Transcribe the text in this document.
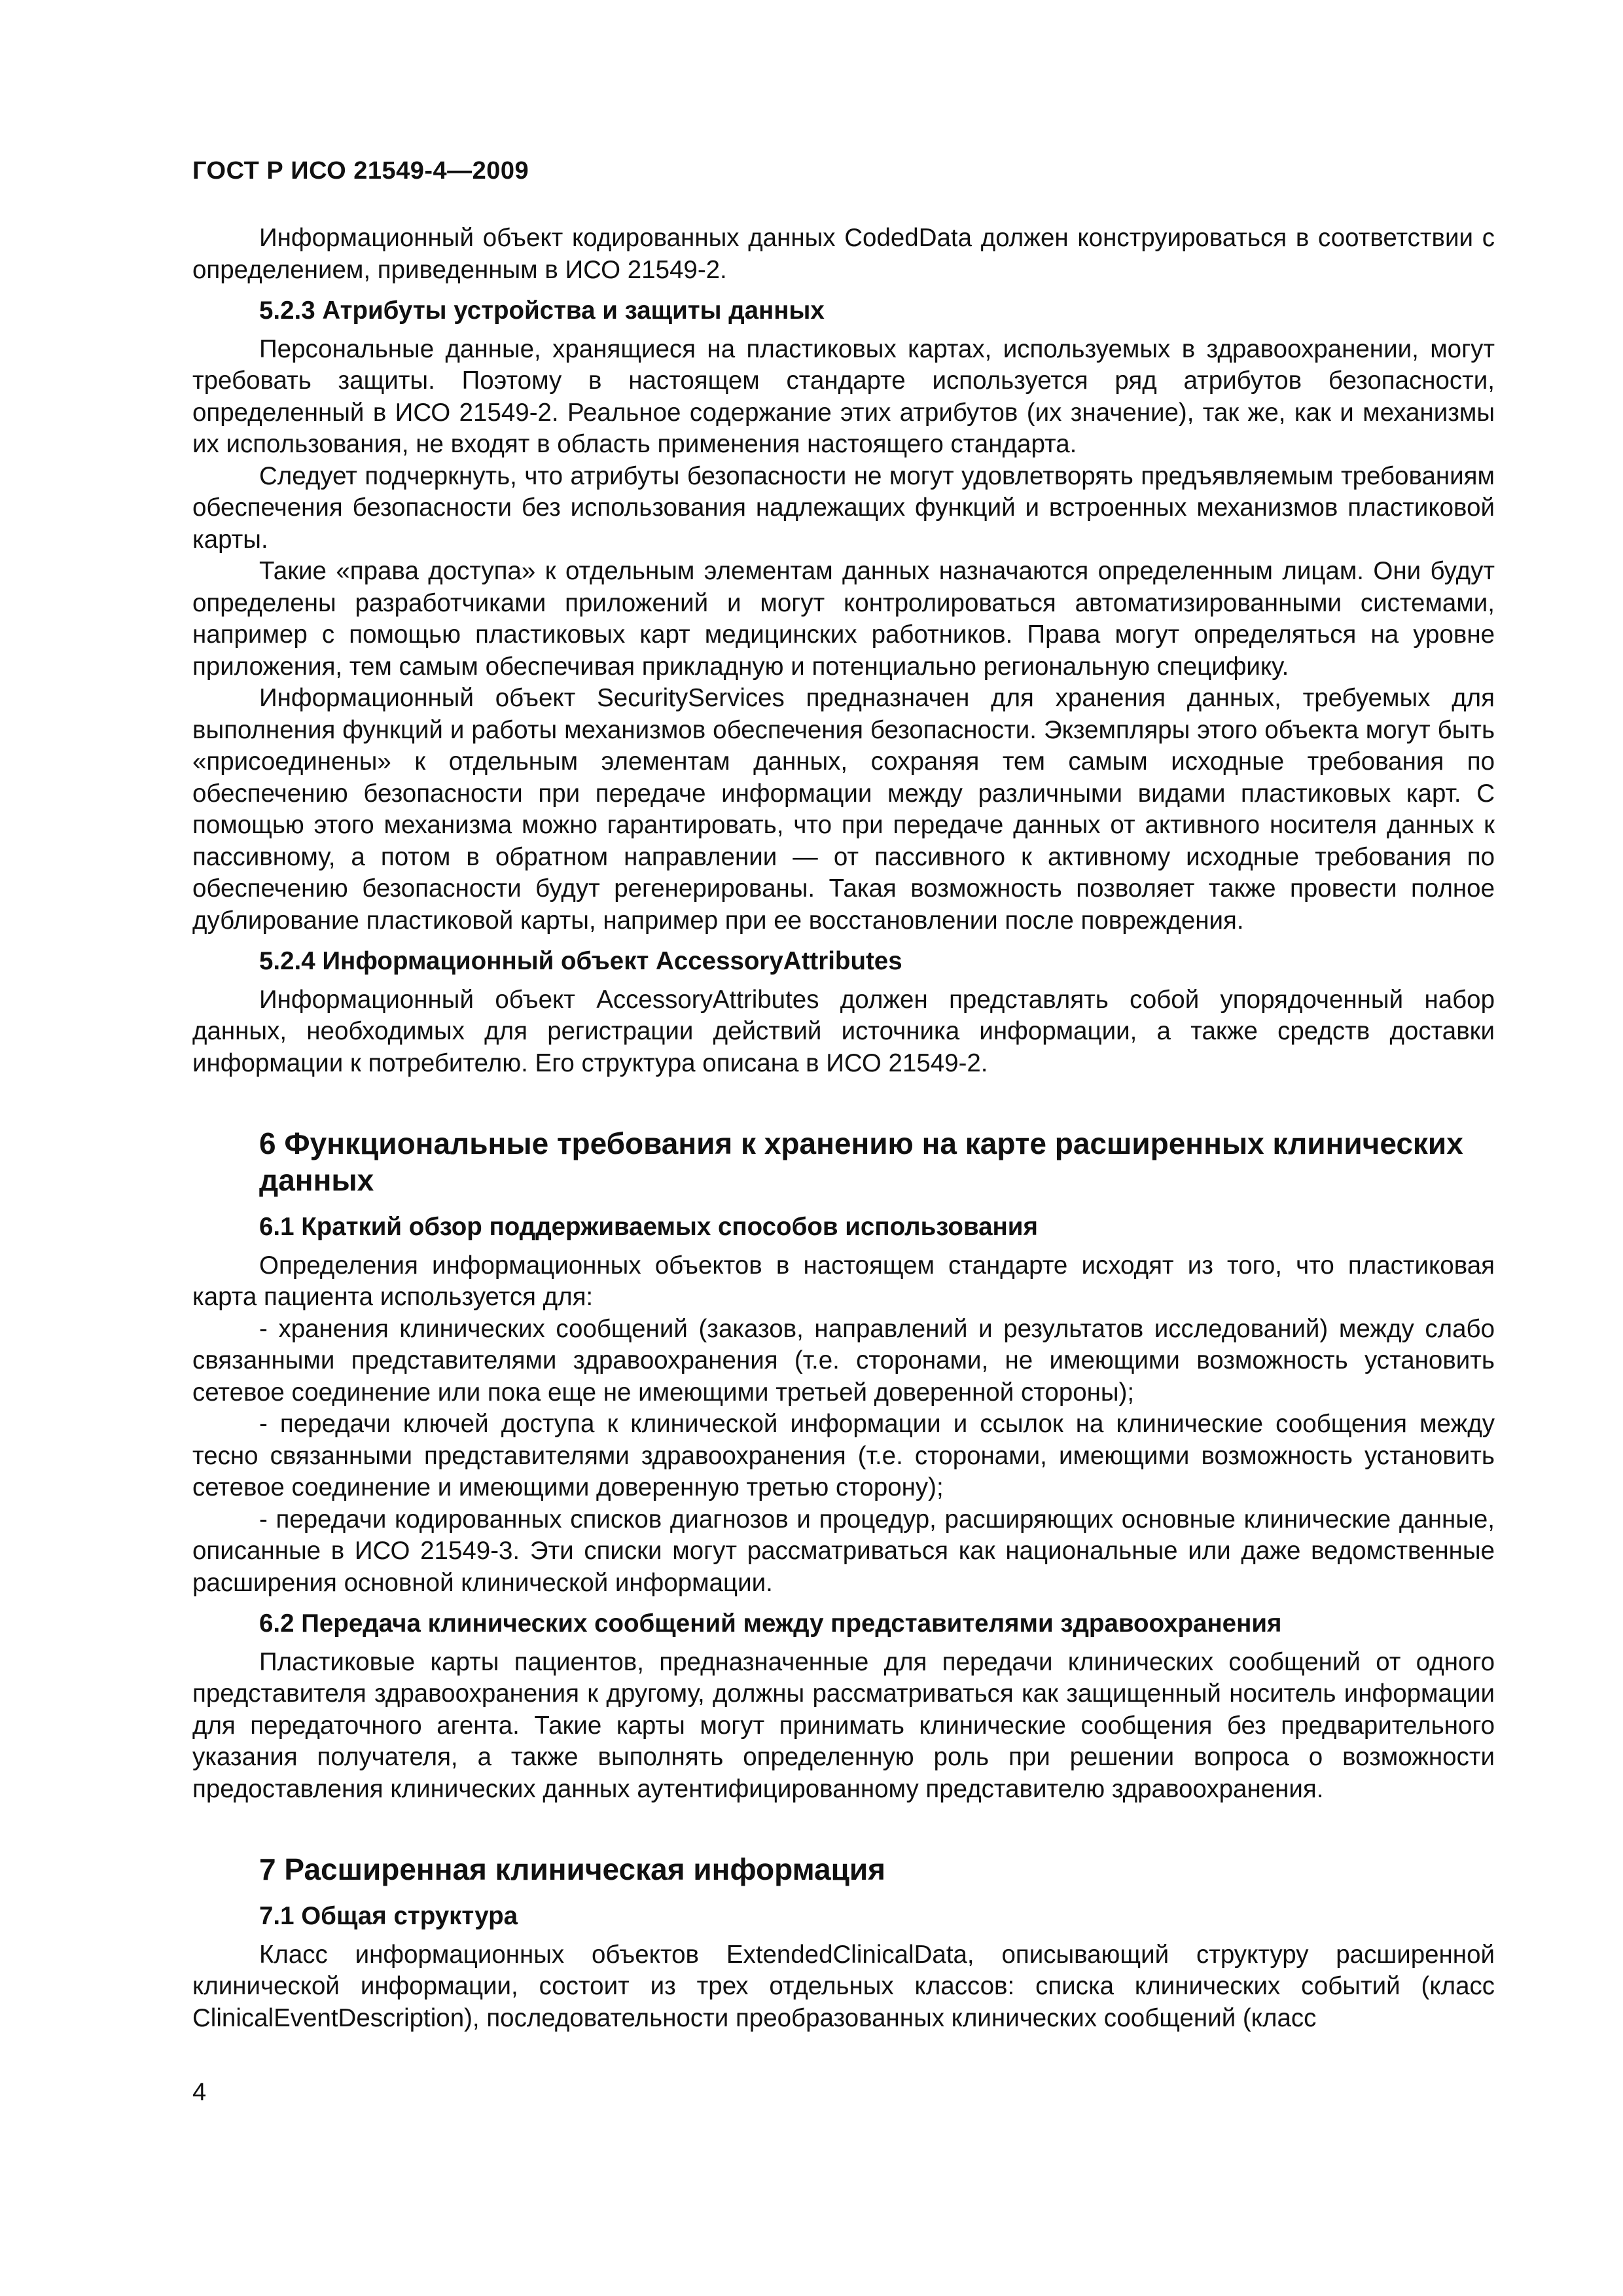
ГОСТ Р ИСО 21549-4—2009

Информационный объект кодированных данных CodedData должен конструироваться в соответствии с определением, приведенным в ИСО 21549-2.

5.2.3 Атрибуты устройства и защиты данных

Персональные данные, хранящиеся на пластиковых картах, используемых в здравоохранении, могут требовать защиты. Поэтому в настоящем стандарте используется ряд атрибутов безопасности, определенный в ИСО 21549-2. Реальное содержание этих атрибутов (их значение), так же, как и механизмы их использования, не входят в область применения настоящего стандарта.

Следует подчеркнуть, что атрибуты безопасности не могут удовлетворять предъявляемым требованиям обеспечения безопасности без использования надлежащих функций и встроенных механизмов пластиковой карты.

Такие «права доступа» к отдельным элементам данных назначаются определенным лицам. Они будут определены разработчиками приложений и могут контролироваться автоматизированными системами, например с помощью пластиковых карт медицинских работников. Права могут определяться на уровне приложения, тем самым обеспечивая прикладную и потенциально региональную специфику.

Информационный объект SecurityServices предназначен для хранения данных, требуемых для выполнения функций и работы механизмов обеспечения безопасности. Экземпляры этого объекта могут быть «присоединены» к отдельным элементам данных, сохраняя тем самым исходные требования по обеспечению безопасности при передаче информации между различными видами пластиковых карт. С помощью этого механизма можно гарантировать, что при передаче данных от активного носителя данных к пассивному, а потом в обратном направлении — от пассивного к активному исходные требования по обеспечению безопасности будут регенерированы. Такая возможность позволяет также провести полное дублирование пластиковой карты, например при ее восстановлении после повреждения.

5.2.4 Информационный объект AccessoryAttributes

Информационный объект AccessoryAttributes должен представлять собой упорядоченный набор данных, необходимых для регистрации действий источника информации, а также средств доставки информации к потребителю. Его структура описана в ИСО 21549-2.

6 Функциональные требования к хранению на карте расширенных клинических данных
6.1 Краткий обзор поддерживаемых способов использования

Определения информационных объектов в настоящем стандарте исходят из того, что пластиковая карта пациента используется для:

- хранения клинических сообщений (заказов, направлений и результатов исследований) между слабо связанными представителями здравоохранения (т.е. сторонами, не имеющими возможность установить сетевое соединение или пока еще не имеющими третьей доверенной стороны);

- передачи ключей доступа к клинической информации и ссылок на клинические сообщения между тесно связанными представителями здравоохранения (т.е. сторонами, имеющими возможность установить сетевое соединение и имеющими доверенную третью сторону);

- передачи кодированных списков диагнозов и процедур, расширяющих основные клинические данные, описанные в ИСО 21549-3. Эти списки могут рассматриваться как национальные или даже ведомственные расширения основной клинической информации.

6.2 Передача клинических сообщений между представителями здравоохранения

Пластиковые карты пациентов, предназначенные для передачи клинических сообщений от одного представителя здравоохранения к другому, должны рассматриваться как защищенный носитель информации для передаточного агента. Такие карты могут принимать клинические сообщения без предварительного указания получателя, а также выполнять определенную роль при решении вопроса о возможности предоставления клинических данных аутентифицированному представителю здравоохранения.

7 Расширенная клиническая информация
7.1 Общая структура

Класс информационных объектов ExtendedClinicalData, описывающий структуру расширенной клинической информации, состоит из трех отдельных классов: списка клинических событий (класс ClinicalEventDescription), последовательности преобразованных клинических сообщений (класс

4
